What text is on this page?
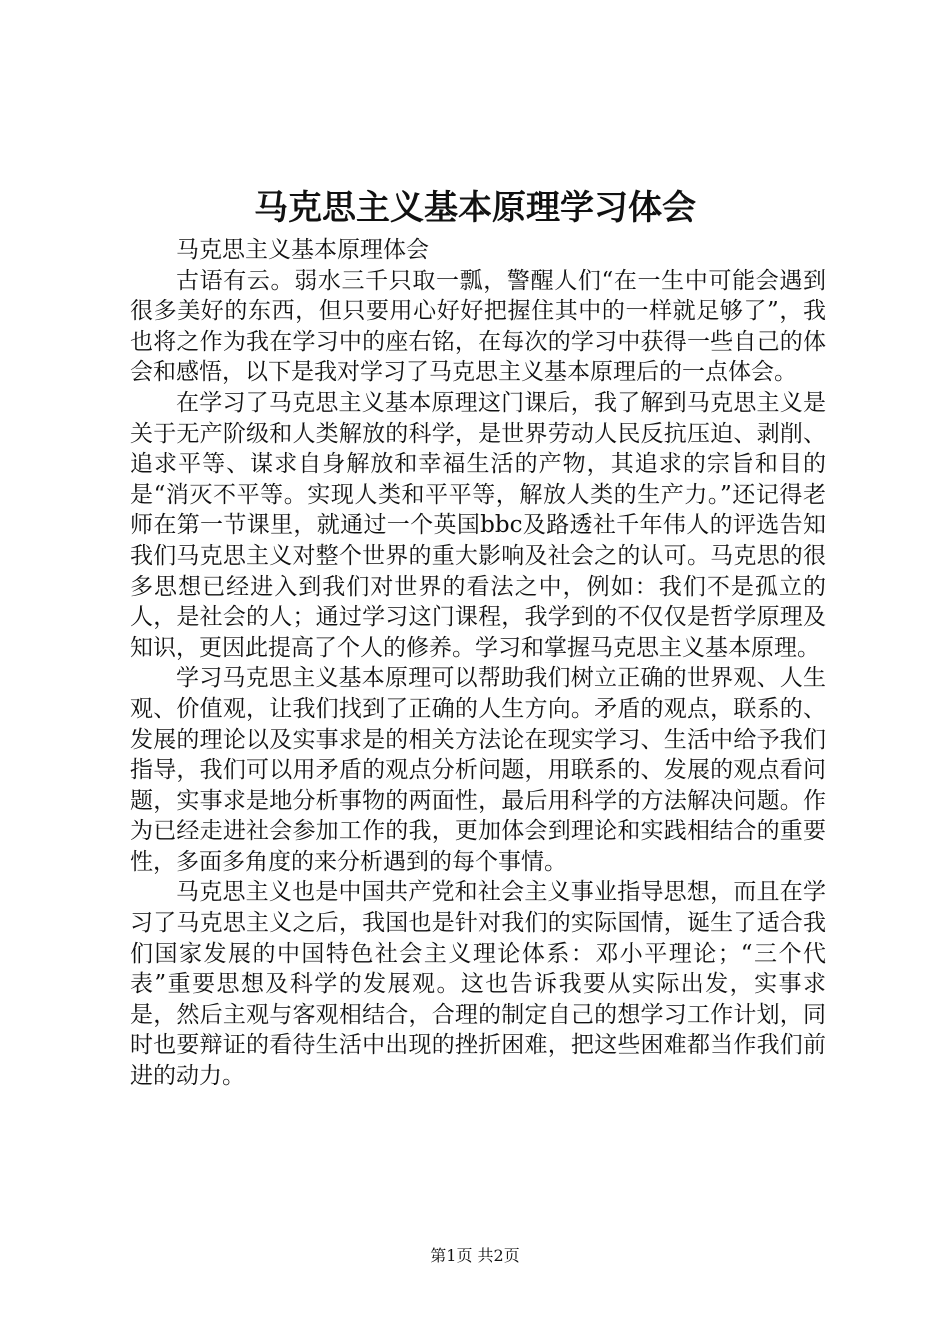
马克思主义基本原理学习体会

马克思主义基本原理体会

古语有云。弱水三千只取一瓢，警醒人们“在一生中可能会遇到很多美好的东西，但只要用心好好把握住其中的一样就足够了”，我也将之作为我在学习中的座右铭，在每次的学习中获得一些自己的体会和感悟，以下是我对学习了马克思主义基本原理后的一点体会。

在学习了马克思主义基本原理这门课后，我了解到马克思主义是关于无产阶级和人类解放的科学，是世界劳动人民反抗压迫、剥削、追求平等、谋求自身解放和幸福生活的产物，其追求的宗旨和目的是“消灭不平等。实现人类和平平等，解放人类的生产力。”还记得老师在第一节课里，就通过一个英国bbc及路透社千年伟人的评选告知我们马克思主义对整个世界的重大影响及社会之的认可。马克思的很多思想已经进入到我们对世界的看法之中，例如：我们不是孤立的人，是社会的人；通过学习这门课程，我学到的不仅仅是哲学原理及知识，更因此提高了个人的修养。学习和掌握马克思主义基本原理。

学习马克思主义基本原理可以帮助我们树立正确的世界观、人生观、价值观，让我们找到了正确的人生方向。矛盾的观点，联系的、发展的理论以及实事求是的相关方法论在现实学习、生活中给予我们指导，我们可以用矛盾的观点分析问题，用联系的、发展的观点看问题，实事求是地分析事物的两面性，最后用科学的方法解决问题。作为已经走进社会参加工作的我，更加体会到理论和实践相结合的重要性，多面多角度的来分析遇到的每个事情。

马克思主义也是中国共产党和社会主义事业指导思想，而且在学习了马克思主义之后，我国也是针对我们的实际国情，诞生了适合我们国家发展的中国特色社会主义理论体系：邓小平理论；“三个代表”重要思想及科学的发展观。这也告诉我要从实际出发，实事求是，然后主观与客观相结合，合理的制定自己的想学习工作计划，同时也要辩证的看待生活中出现的挫折困难，把这些困难都当作我们前进的动力。

第1页 共2页
